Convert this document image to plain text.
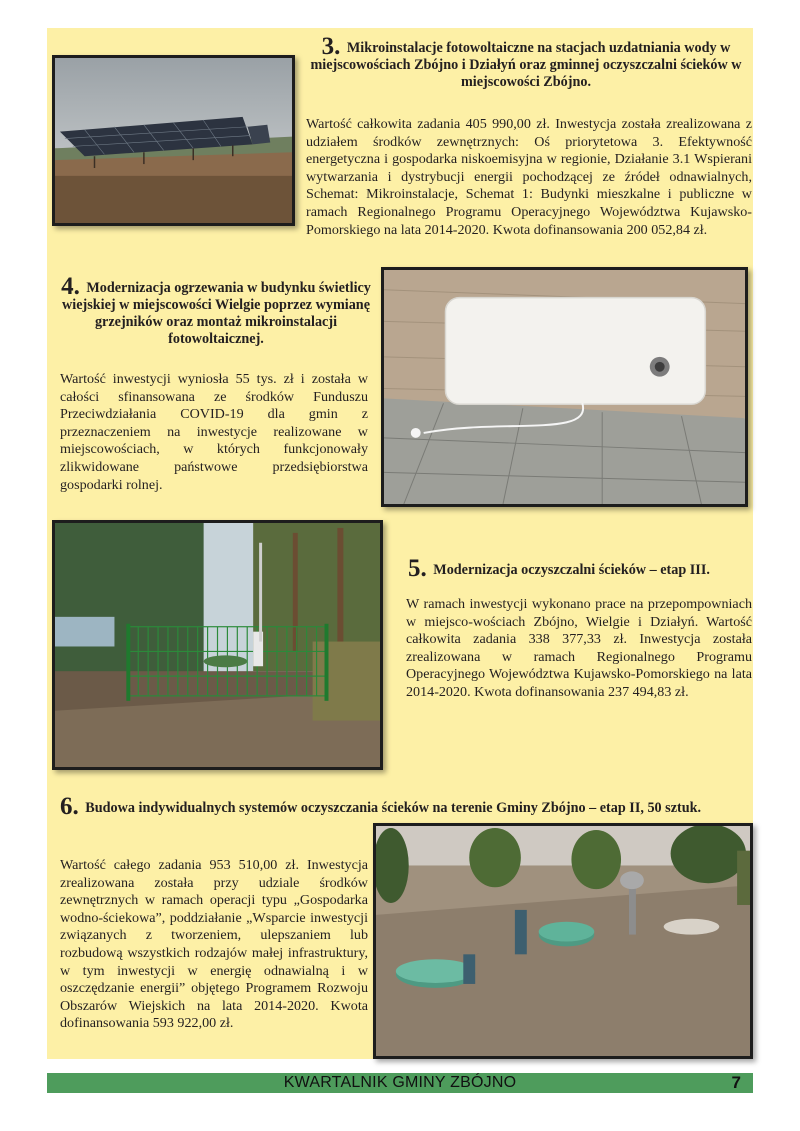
3. Mikroinstalacje fotowoltaiczne na stacjach uzdatniania wody w miejscowościach Zbójno i Działyń oraz gminnej oczyszczalni ścieków w miejscowości Zbójno.
Wartość całkowita zadania 405 990,00 zł. Inwestycja została zrealizowana z udziałem środków zewnętrznych: Oś priorytetowa 3. Efektywność energetyczna i gospodarka niskoemisyjna w regionie, Działanie 3.1 Wspierani wytwarzania i dystrybucji energii pochodzącej ze źródeł odnawialnych, Schemat: Mikroinstalacje, Schemat 1: Budynki mieszkalne i publiczne w ramach Regionalnego Programu Operacyjnego Województwa Kujawsko-Pomorskiego na lata 2014-2020. Kwota dofinansowania 200 052,84 zł.
4. Modernizacja ogrzewania w budynku świetlicy wiejskiej w miejscowości Wielgie poprzez wymianę grzejników oraz montaż mikroinstalacji fotowoltaicznej.
Wartość inwestycji wyniosła 55 tys. zł i została w całości sfinansowana ze środków Funduszu Przeciwdziałania COVID-19 dla gmin z przeznaczeniem na inwestycje realizowane w miejscowościach, w których funkcjonowały zlikwidowane państwowe przedsiębiorstwa gospodarki rolnej.
5. Modernizacja oczyszczalni ścieków – etap III.
W ramach inwestycji wykonano prace na przepompowniach w miejsco-wościach Zbójno, Wielgie i Działyń. Wartość całkowita zadania 338 377,33 zł. Inwestycja została zrealizowana w ramach Regionalnego Programu Operacyjnego Województwa Kujawsko-Pomorskiego na lata 2014-2020. Kwota dofinansowania 237 494,83 zł.
6. Budowa indywidualnych systemów oczyszczania ścieków na terenie Gminy Zbójno – etap II, 50 sztuk.
Wartość całego zadania 953 510,00 zł. Inwestycja zrealizowana została przy udziale środków zewnętrznych w ramach operacji typu „Gospodarka wodno-ściekowa”, poddziałanie „Wsparcie inwestycji związanych z tworzeniem, ulepszaniem lub rozbudową wszystkich rodzajów małej infrastruktury, w tym inwestycji w energię odnawialną i w oszczędzanie energii” objętego Programem Rozwoju Obszarów Wiejskich na lata 2014-2020. Kwota dofinansowania 593 922,00 zł.
KWARTALNIK GMINY ZBÓJNO	7
